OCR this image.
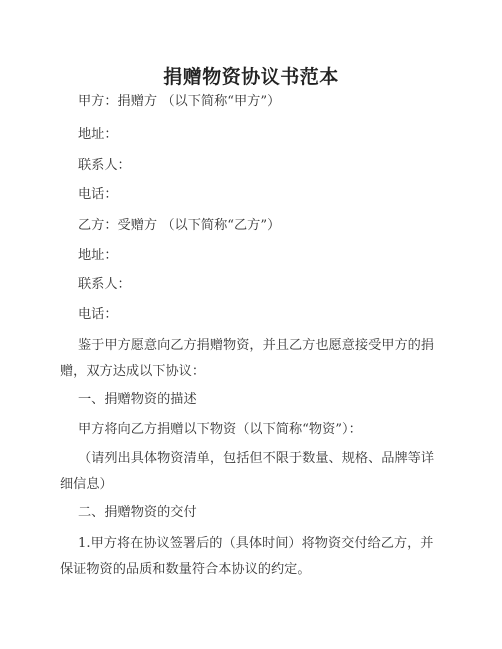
捐赠物资协议书范本
甲方：捐赠方 （以下简称“甲方”）
地址：
联系人：
电话：
乙方：受赠方 （以下简称“乙方”）
地址：
联系人：
电话：
鉴于甲方愿意向乙方捐赠物资，并且乙方也愿意接受甲方的捐赠，双方达成以下协议：
一、捐赠物资的描述
甲方将向乙方捐赠以下物资（以下简称“物资”）：
（请列出具体物资清单，包括但不限于数量、规格、品牌等详细信息）
二、捐赠物资的交付
1.甲方将在协议签署后的（具体时间）将物资交付给乙方，并保证物资的品质和数量符合本协议的约定。
